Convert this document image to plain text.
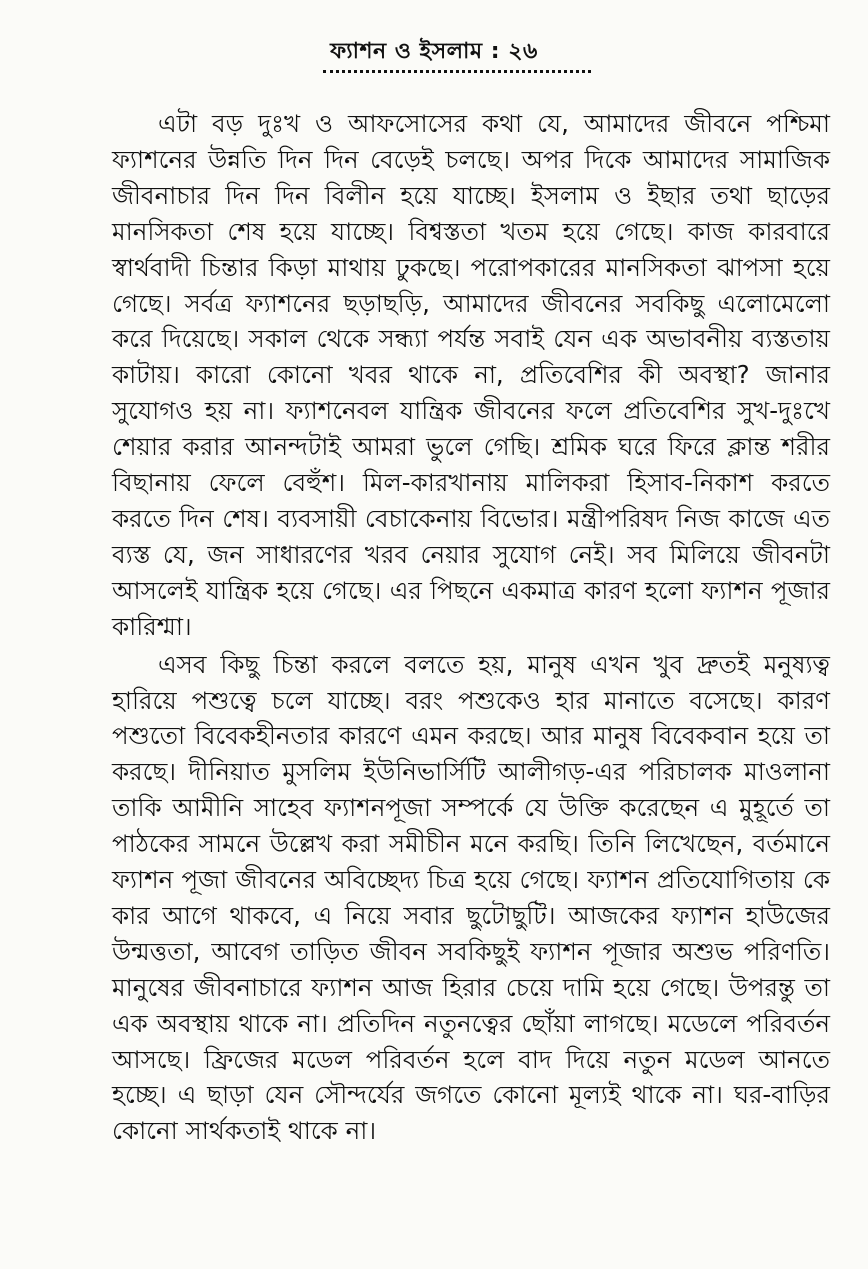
ফ্যাশন ও ইসলাম : ২৬

এটা বড় দুঃখ ও আফসোসের কথা যে, আমাদের জীবনে পশ্চিমা ফ্যাশনের উন্নতি দিন দিন বেড়েই চলছে। অপর দিকে আমাদের সামাজিক জীবনাচার দিন দিন বিলীন হয়ে যাচ্ছে। ইসলাম ও ইছার তথা ছাড়ের মানসিকতা শেষ হয়ে যাচ্ছে। বিশ্বস্ততা খতম হয়ে গেছে। কাজ কারবারে স্বার্থবাদী চিন্তার কিড়া মাথায় ঢুকছে। পরোপকারের মানসিকতা ঝাপসা হয়ে গেছে। সর্বত্র ফ্যাশনের ছড়াছড়ি, আমাদের জীবনের সবকিছু এলোমেলো করে দিয়েছে। সকাল থেকে সন্ধ্যা পর্যন্ত সবাই যেন এক অভাবনীয় ব্যস্ততায় কাটায়। কারো কোনো খবর থাকে না, প্রতিবেশির কী অবস্থা? জানার সুযোগও হয় না। ফ্যাশনেবল যান্ত্রিক জীবনের ফলে প্রতিবেশির সুখ-দুঃখে শেয়ার করার আনন্দটাই আমরা ভুলে গেছি। শ্রমিক ঘরে ফিরে ক্লান্ত শরীর বিছানায় ফেলে বেহুঁশ। মিল-কারখানায় মালিকরা হিসাব-নিকাশ করতে করতে দিন শেষ। ব্যবসায়ী বেচাকেনায় বিভোর। মন্ত্রীপরিষদ নিজ কাজে এত ব্যস্ত যে, জন সাধারণের খরব নেয়ার সুযোগ নেই। সব মিলিয়ে জীবনটা আসলেই যান্ত্রিক হয়ে গেছে। এর পিছনে একমাত্র কারণ হলো ফ্যাশন পূজার কারিশ্মা।

এসব কিছু চিন্তা করলে বলতে হয়, মানুষ এখন খুব দ্রুতই মনুষ্যত্ব হারিয়ে পশুত্বে চলে যাচ্ছে। বরং পশুকেও হার মানাতে বসেছে। কারণ পশুতো বিবেকহীনতার কারণে এমন করছে। আর মানুষ বিবেকবান হয়ে তা করছে। দীনিয়াত মুসলিম ইউনিভার্সিটি আলীগড়-এর পরিচালক মাওলানা তাকি আমীনি সাহেব ফ্যাশনপূজা সম্পর্কে যে উক্তি করেছেন এ মুহূর্তে তা পাঠকের সামনে উল্লেখ করা সমীচীন মনে করছি। তিনি লিখেছেন, বর্তমানে ফ্যাশন পূজা জীবনের অবিচ্ছেদ্য চিত্র হয়ে গেছে। ফ্যাশন প্রতিযোগিতায় কে কার আগে থাকবে, এ নিয়ে সবার ছুটোছুটি। আজকের ফ্যাশন হাউজের উন্মত্ততা, আবেগ তাড়িত জীবন সবকিছুই ফ্যাশন পূজার অশুভ পরিণতি। মানুষের জীবনাচারে ফ্যাশন আজ হিরার চেয়ে দামি হয়ে গেছে। উপরন্তু তা এক অবস্থায় থাকে না। প্রতিদিন নতুনত্বের ছোঁয়া লাগছে। মডেলে পরিবর্তন আসছে। ফ্রিজের মডেল পরিবর্তন হলে বাদ দিয়ে নতুন মডেল আনতে হচ্ছে। এ ছাড়া যেন সৌন্দর্যের জগতে কোনো মূল্যই থাকে না। ঘর-বাড়ির কোনো সার্থকতাই থাকে না।
